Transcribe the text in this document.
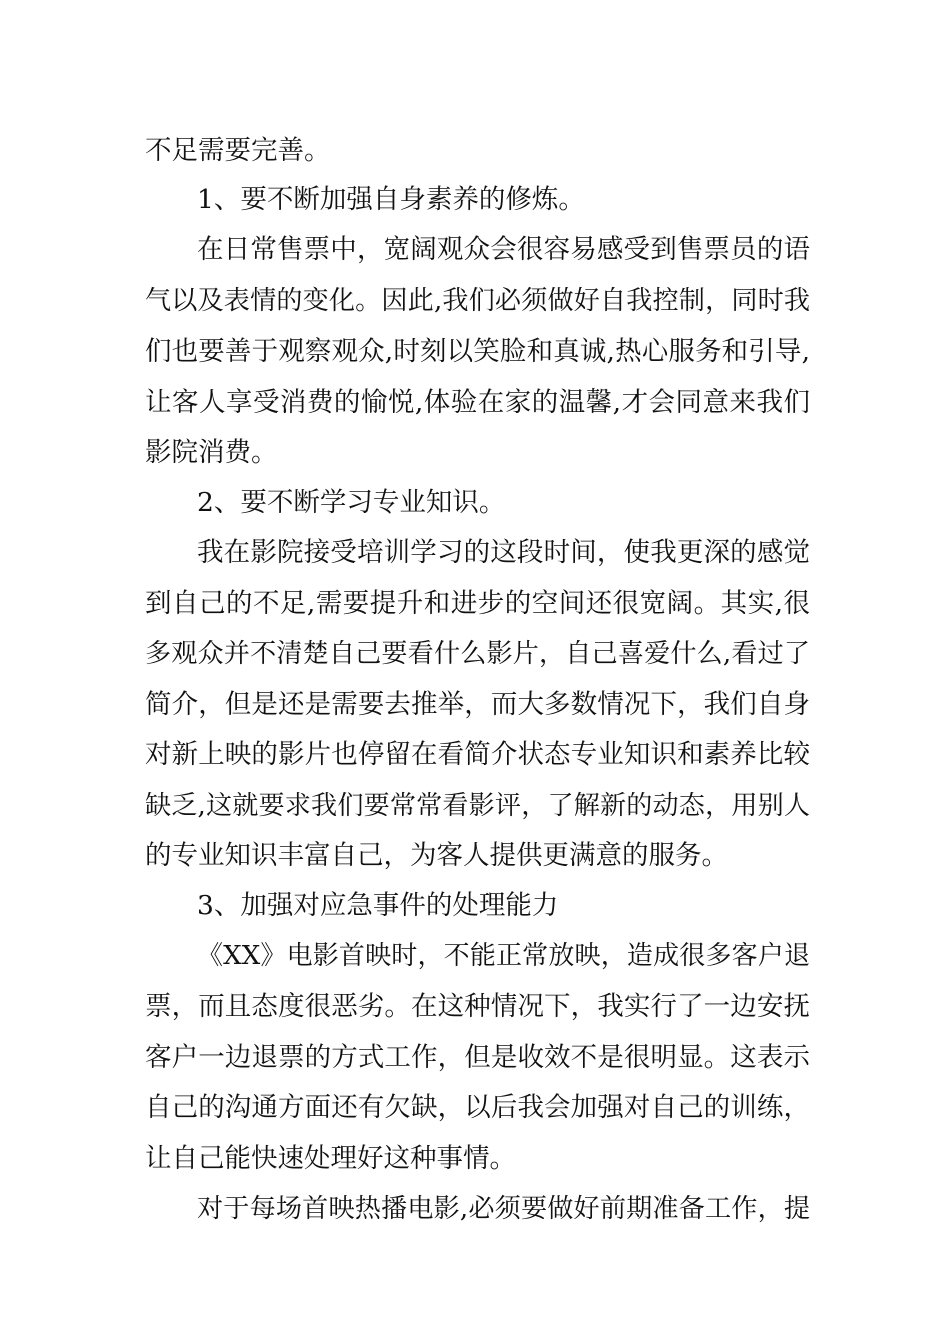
不足需要完善。
1、要不断加强自身素养的修炼。
在日常售票中，宽阔观众会很容易感受到售票员的语
气以及表情的变化。因此,我们必须做好自我控制，同时我
们也要善于观察观众,时刻以笑脸和真诚,热心服务和引导,
让客人享受消费的愉悦,体验在家的温馨,才会同意来我们
影院消费。
2、要不断学习专业知识。
我在影院接受培训学习的这段时间，使我更深的感觉
到自己的不足,需要提升和进步的空间还很宽阔。其实,很
多观众并不清楚自己要看什么影片，自己喜爱什么,看过了
简介，但是还是需要去推举，而大多数情况下，我们自身
对新上映的影片也停留在看简介状态专业知识和素养比较
缺乏,这就要求我们要常常看影评，了解新的动态，用别人
的专业知识丰富自己，为客人提供更满意的服务。
3、加强对应急事件的处理能力
《XX》电影首映时，不能正常放映，造成很多客户退
票，而且态度很恶劣。在这种情况下，我实行了一边安抚
客户一边退票的方式工作，但是收效不是很明显。这表示
自己的沟通方面还有欠缺，以后我会加强对自己的训练，
让自己能快速处理好这种事情。
对于每场首映热播电影,必须要做好前期准备工作，提
